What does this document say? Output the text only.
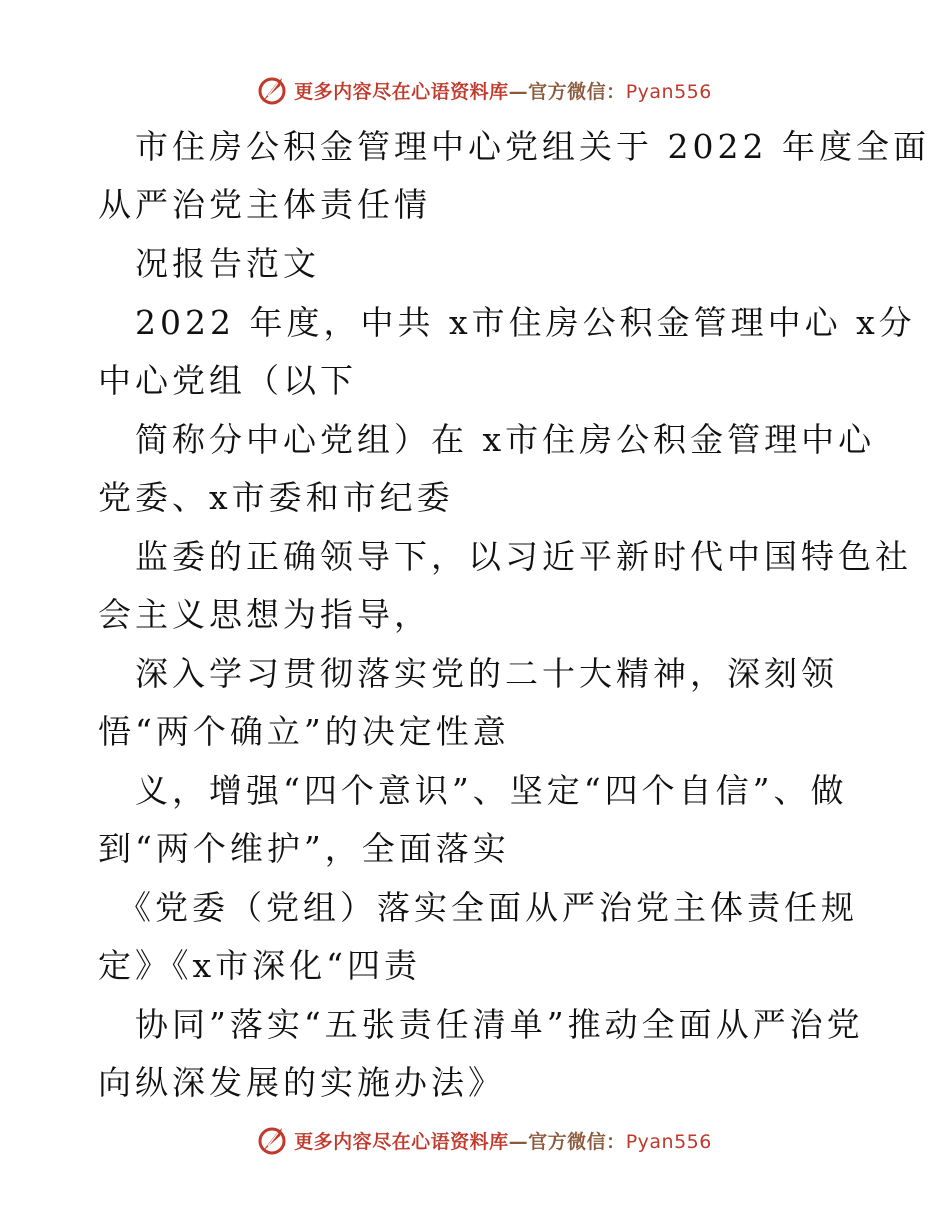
更多内容尽在心语资料库—官方微信：Pyan556
市住房公积金管理中心党组关于 2022 年度全面
从严治党主体责任情
况报告范文
2022 年度，中共 x市住房公积金管理中心 x分
中心党组（以下
简称分中心党组）在 x市住房公积金管理中心
党委、x市委和市纪委
监委的正确领导下，以习近平新时代中国特色社
会主义思想为指导，
深入学习贯彻落实党的二十大精神，深刻领
悟“两个确立”的决定性意
义，增强“四个意识”、坚定“四个自信”、做
到“两个维护”，全面落实
《党委（党组）落实全面从严治党主体责任规
定》《x市深化“四责
协同”落实“五张责任清单”推动全面从严治党
向纵深发展的实施办法》
更多内容尽在心语资料库—官方微信：Pyan556
